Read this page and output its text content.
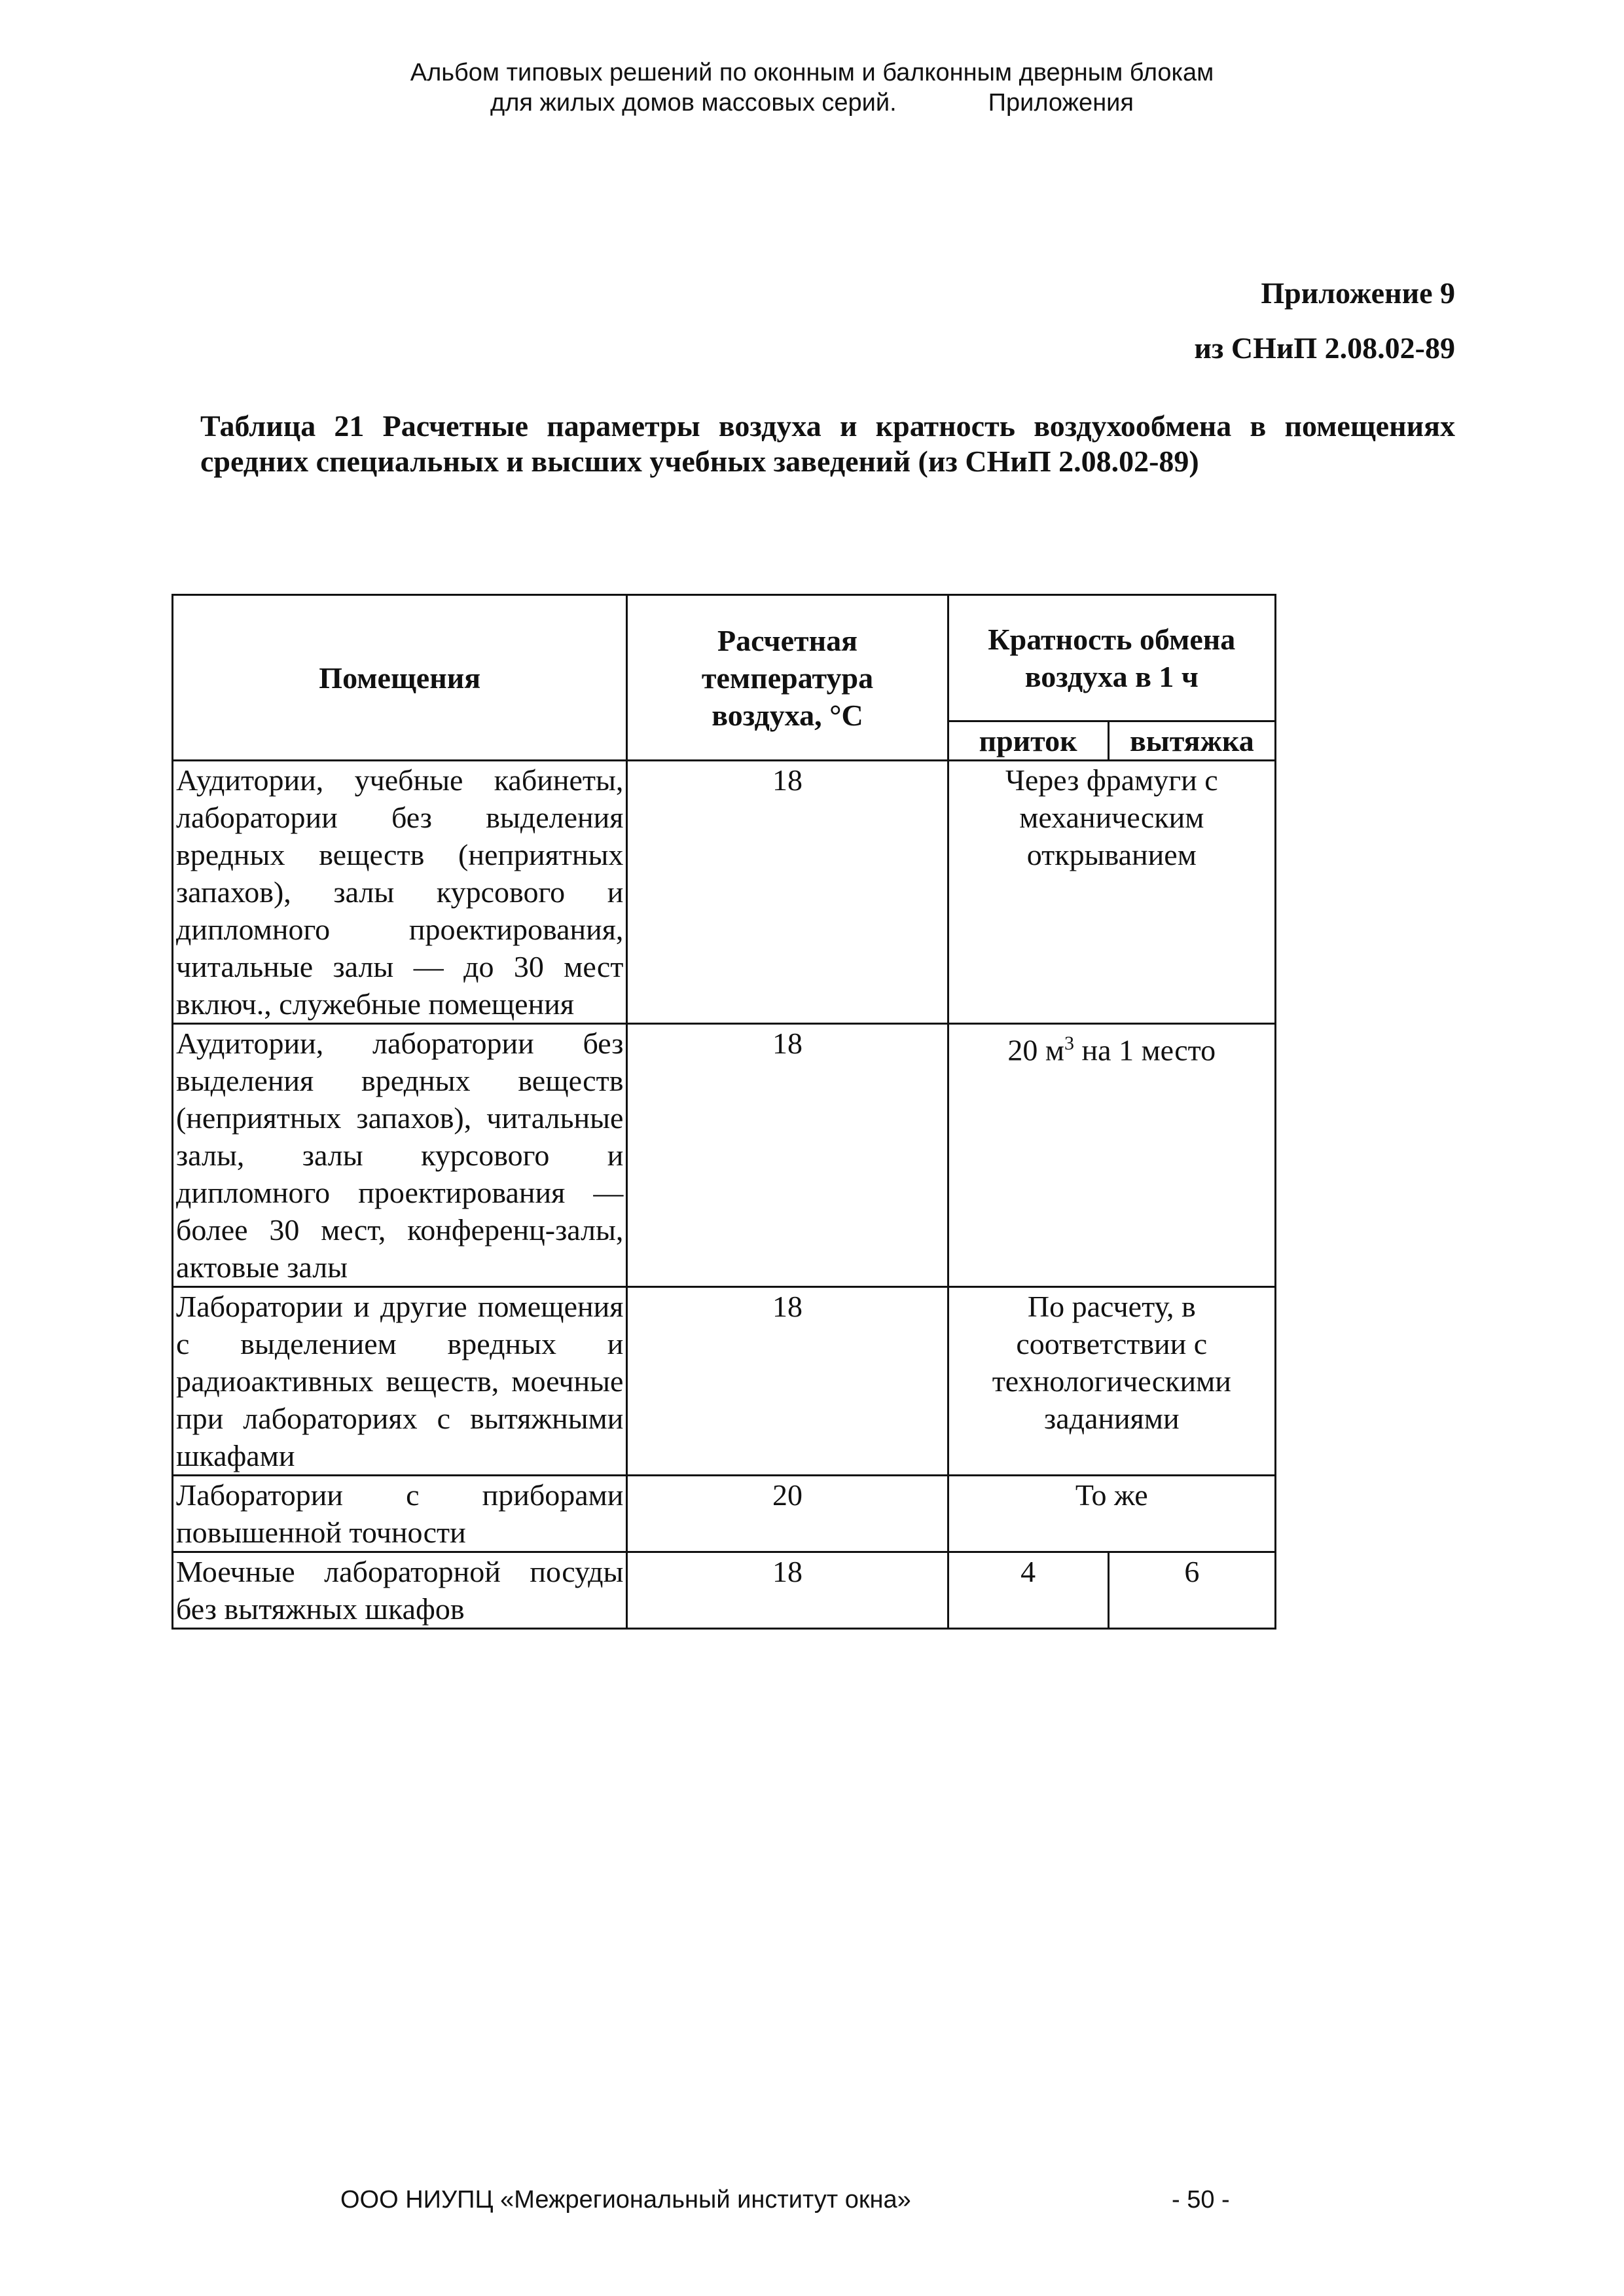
Альбом типовых решений по оконным и балконным дверным блокам
для жилых домов массовых серий.	Приложения
Приложение 9
из СНиП 2.08.02-89
Таблица 21 Расчетные параметры воздуха и кратность воздухообмена в помещениях средних специальных и высших учебных заведений (из СНиП 2.08.02-89)
Помещения	Расчетная температура воздуха, °С	Кратность обмена воздуха в 1 ч	
		приток	вытяжка
Аудитории, учебные кабинеты, лаборатории без выделения вредных веществ (неприятных запахов), залы курсового и дипломного проектирования, читальные залы — до 30 мест включ., служебные помещения	18	Через фрамуги с механическим открыванием	
Аудитории, лаборатории без выделения вредных веществ (неприятных запахов), читальные залы, залы курсового и дипломного проектирования — более 30 мест, конференц-залы, актовые залы	18	20 $м^3$ на 1 место	
Лаборатории и другие помещения с выделением вредных и радиоактивных веществ, моечные при лабораториях с вытяжными шкафами	18	По расчету, в соответствии с технологическими заданиями	
Лаборатории с приборами повышенной точности	20	То же	
Моечные лабораторной посуды без вытяжных шкафов	18	4	6
ООО НИУПЦ «Межрегиональный институт окна»	- 50 -
